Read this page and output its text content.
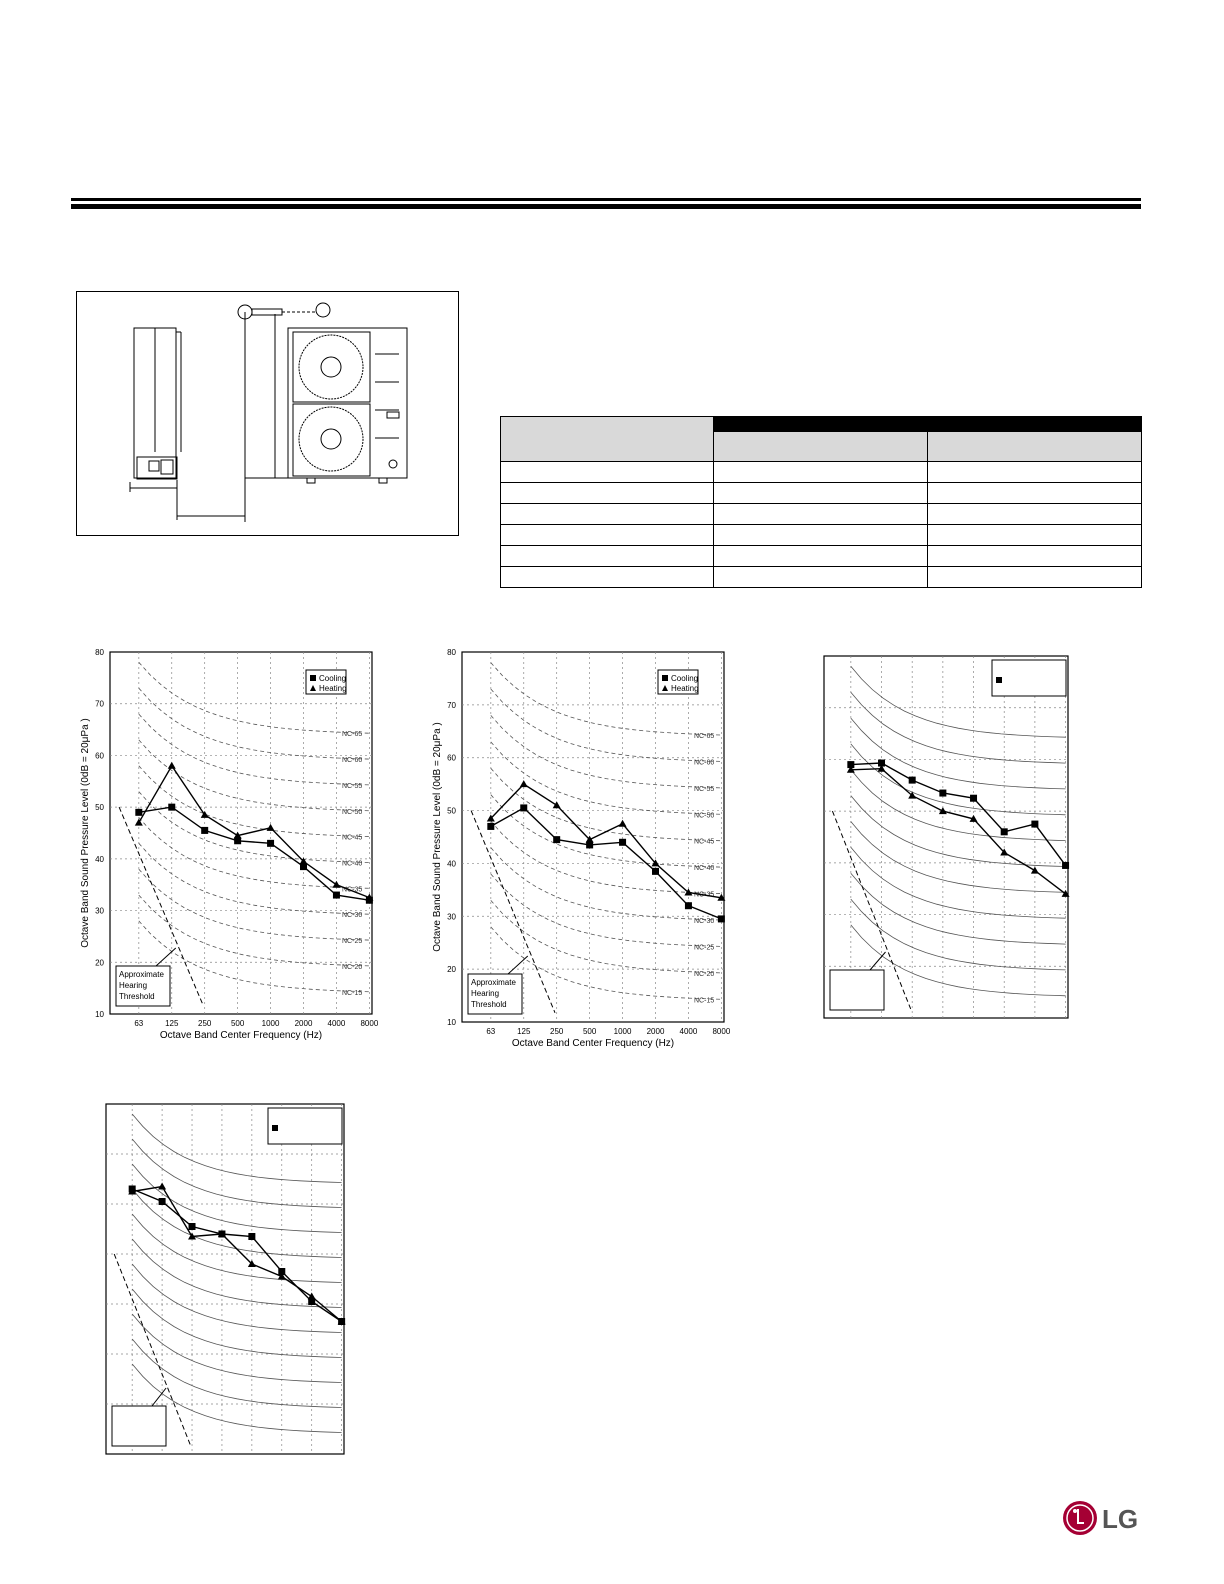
NC-65
NC-60
NC-55
NC-50
NC-45
NC-40
NC-35
NC-30
NC-25
NC-20
NC-15
Approximate
Hearing
Threshold
63	125 250 500 1000 2000 4000 8000
80
70
60
50
40
30
20
10
Octave Band Center Frequency (Hz)
Octave Band Sound Pressure Level (0dB = 20μPa )
Cooling
Heating
NC-65
NC-60
NC-55
NC-50
NC-45
NC-40
NC-35
NC-30
NC-25
NC-20
NC-15
Approximate
Hearing
Threshold
63	125 250 500 1000 2000 4000 8000
80
70
60
50
40
30
20
10
Octave Band Center Frequency (Hz)
Octave Band Sound Pressure Level (0dB = 20μPa )
Cooling
Heating
LG
